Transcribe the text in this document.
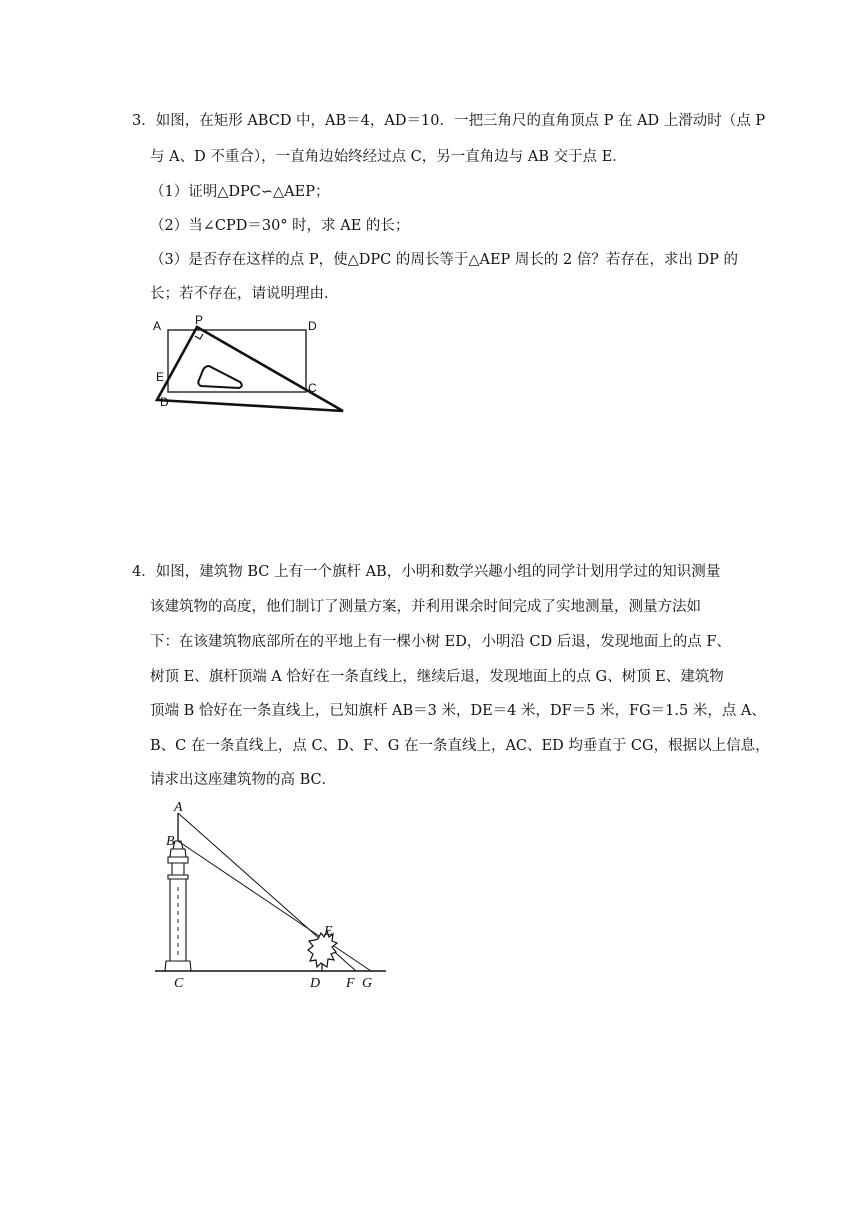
3．如图，在矩形 ABCD 中，AB＝4，AD＝10．一把三角尺的直角顶点 P 在 AD 上滑动时（点 P
与 A、D 不重合），一直角边始终经过点 C，另一直角边与 AB 交于点 E．
（1）证明△DPC∽△AEP；
（2）当∠CPD＝30° 时，求 AE 的长；
（3）是否存在这样的点 P，使△DPC 的周长等于△AEP 周长的 2 倍？若存在，求出 DP 的
长；若不存在，请说明理由．
A	P	D
E
C
D
4．如图，建筑物 BC 上有一个旗杆 AB，小明和数学兴趣小组的同学计划用学过的知识测量
该建筑物的高度，他们制订了测量方案，并利用课余时间完成了实地测量，测量方法如
下：在该建筑物底部所在的平地上有一棵小树 ED，小明沿 CD 后退，发现地面上的点 F、
树顶 E、旗杆顶端 A 恰好在一条直线上，继续后退，发现地面上的点 G、树顶 E、建筑物
顶端 B 恰好在一条直线上，已知旗杆 AB＝3 米，DE＝4 米，DF＝5 米，FG＝1.5 米，点 A、
B、C 在一条直线上，点 C、D、F、G 在一条直线上，AC、ED 均垂直于 CG，根据以上信息，
请求出这座建筑物的高 BC．
A
B
C	D
E
F G
